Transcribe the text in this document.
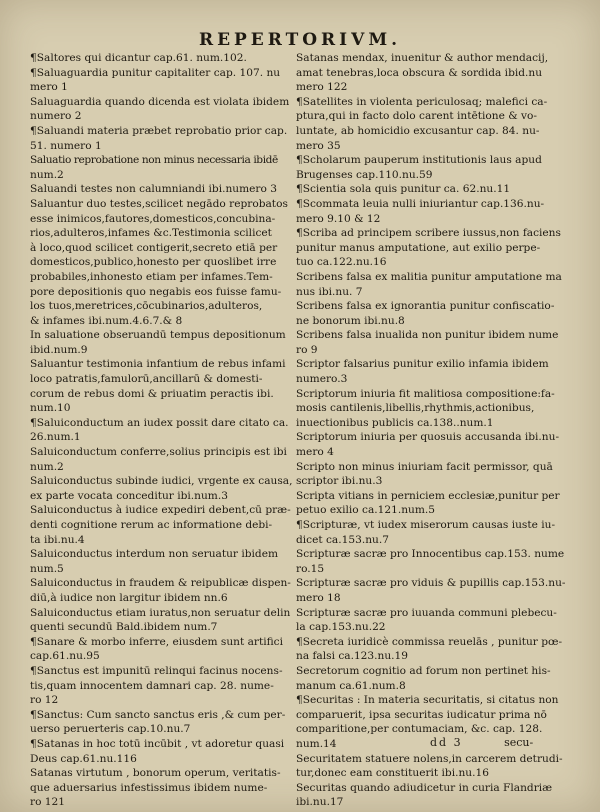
REPERTORIVM.
¶Saltores qui dicantur cap.61. num.102.
¶Saluaguardia punitur capitaliter cap. 107. nu
mero 1
Saluaguardia quando dicenda est violata ibidem
numero 2
¶Saluandi materia præbet reprobatio prior cap.
51. numero 1
Saluatio reprobatione non minus necessaria ibidē
num.2
Saluandi testes non calumniandi ibi.numero 3
Saluantur duo testes,scilicet negādo reprobatos
esse inimicos,fautores,domesticos,concubina-
rios,adulteros,infames &c.Testimonia scilicet
à loco,quod scilicet contigerit,secreto etiā per
domesticos,publico,honesto per quoslibet irre
probabiles,inhonesto etiam per infames.Tem-
pore depositionis quo negabis eos fuisse famu-
los tuos,meretrices,cōcubinarios,adulteros,
& infames ibi.num.4.6.7.& 8
In saluatione obseruandū tempus depositionum
ibid.num.9
Saluantur testimonia infantium de rebus infami
loco patratis,famulorū,ancillarū & domesti-
corum de rebus domi & priuatim peractis ibi.
num.10
¶Saluiconductum an iudex possit dare citato ca.
26.num.1
Saluiconductum conferre,solius principis est ibi
num.2
Saluiconductus subinde iudici, vrgente ex causa,
ex parte vocata conceditur ibi.num.3
Saluiconductus à iudice expediri debent,cū præ-
denti cognitione rerum ac informatione debi-
ta ibi.nu.4
Saluiconductus interdum non seruatur ibidem
num.5
Saluiconductus in fraudem & reipublicæ dispen-
diū,à iudice non largitur ibidem nn.6
Saluiconductus etiam iuratus,non seruatur delin
quenti secundū Bald.ibidem num.7
¶Sanare & morbo inferre, eiusdem sunt artifici
cap.61.nu.95
¶Sanctus est impunitū relinqui facinus nocens-
tis,quam innocentem damnari cap. 28. nume-
ro 12
¶Sanctus: Cum sancto sanctus eris ,& cum per-
uerso peruerteris cap.10.nu.7
¶Satanas in hoc totū incūbit , vt adoretur quasi
Deus cap.61.nu.116
Satanas virtutum , bonorum operum, veritatis-
que aduersarius infestissimus ibidem nume-
ro 121
Satanas mendax, inuenitur & author mendacij,
amat tenebras,loca obscura & sordida ibid.nu
mero 122
¶Satellites in violenta periculosaq; malefici ca-
ptura,qui in facto dolo carent intētione & vo-
luntate, ab homicidio excusantur cap. 84. nu-
mero 35
¶Scholarum pauperum institutionis laus apud
Brugenses cap.110.nu.59
¶Scientia sola quis punitur ca. 62.nu.11
¶Scommata leuia nulli iniuriantur cap.136.nu-
mero 9.10 & 12
¶Scriba ad principem scribere iussus,non faciens
punitur manus amputatione, aut exilio perpe-
tuo ca.122.nu.16
Scribens falsa ex malitia punitur amputatione ma
nus ibi.nu. 7
Scribens falsa ex ignorantia punitur confiscatio-
ne bonorum ibi.nu.8
Scribens falsa inualida non punitur ibidem nume
ro 9
Scriptor falsarius punitur exilio infamia ibidem
numero.3
Scriptorum iniuria fit malitiosa compositione:fa-
mosis cantilenis,libellis,rhythmis,actionibus,
inuectionibus publicis ca.138..num.1
Scriptorum iniuria per quosuis accusanda ibi.nu-
mero 4
Scripto non minus iniuriam facit permissor, quā
scriptor ibi.nu.3
Scripta vitians in perniciem ecclesiæ,punitur per
petuo exilio ca.121.num.5
¶Scripturæ, vt iudex miserorum causas iuste iu-
dicet ca.153.nu.7
Scripturæ sacræ pro Innocentibus cap.153. nume
ro.15
Scripturæ sacræ pro viduis & pupillis cap.153.nu-
mero 18
Scripturæ sacræ pro iuuanda communi plebecu-
la cap.153.nu.22
¶Secreta iuridicè commissa reuelās , punitur pœ-
na falsi ca.123.nu.19
Secretorum cognitio ad forum non pertinet his-
manum ca.61.num.8
¶Securitas : In materia securitatis, si citatus non
comparuerit, ipsa securitas iudicatur prima nō
comparitione,per contumaciam, &c. cap. 128.
num.14
Securitatem statuere nolens,in carcerem detrudi-
tur,donec eam constituerit ibi.nu.16
Securitas quando adiudicetur in curia Flandriæ
ibi.nu.17
dd 3	secu-
